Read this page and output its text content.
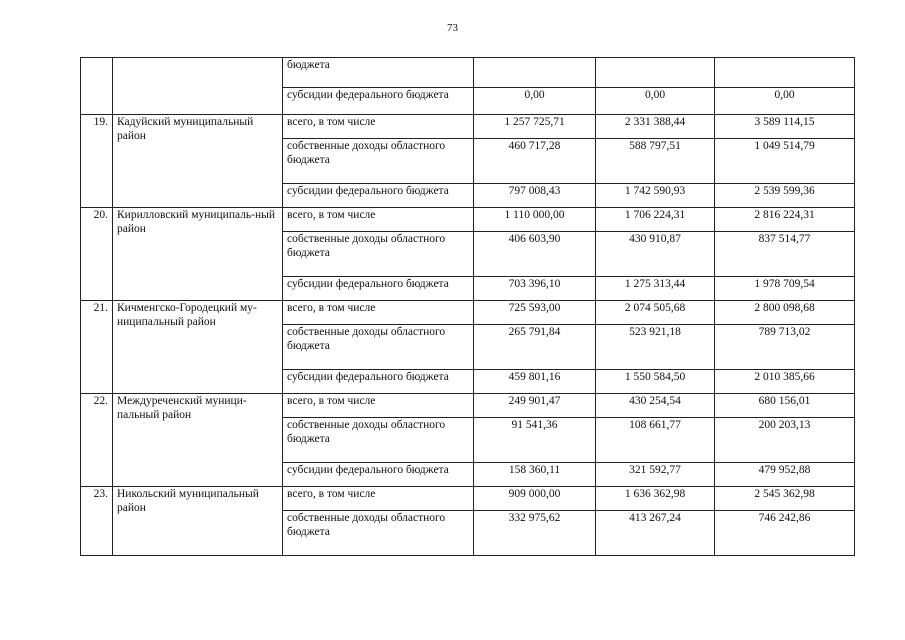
73
		бюджета			
		субсидии федерального бюджета	0,00	0,00	0,00
19.	Кадуйский муниципальный район	всего, в том числе	1 257 725,71	2 331 388,44	3 589 114,15
		собственные доходы областного бюджета	460 717,28	588 797,51	1 049 514,79
		субсидии федерального бюджета	797 008,43	1 742 590,93	2 539 599,36
20.	Кирилловский муниципаль-ный район	всего, в том числе	1 110 000,00	1 706 224,31	2 816 224,31
		собственные доходы областного бюджета	406 603,90	430 910,87	837 514,77
		субсидии федерального бюджета	703 396,10	1 275 313,44	1 978 709,54
21.	Кичменгско-Городецкий му-ниципальный район	всего, в том числе	725 593,00	2 074 505,68	2 800 098,68
		собственные доходы областного бюджета	265 791,84	523 921,18	789 713,02
		субсидии федерального бюджета	459 801,16	1 550 584,50	2 010 385,66
22.	Междуреченский муници-пальный район	всего, в том числе	249 901,47	430 254,54	680 156,01
		собственные доходы областного бюджета	91 541,36	108 661,77	200 203,13
		субсидии федерального бюджета	158 360,11	321 592,77	479 952,88
23.	Никольский муниципальный район	всего, в том числе	909 000,00	1 636 362,98	2 545 362,98
		собственные доходы областного бюджета	332 975,62	413 267,24	746 242,86
